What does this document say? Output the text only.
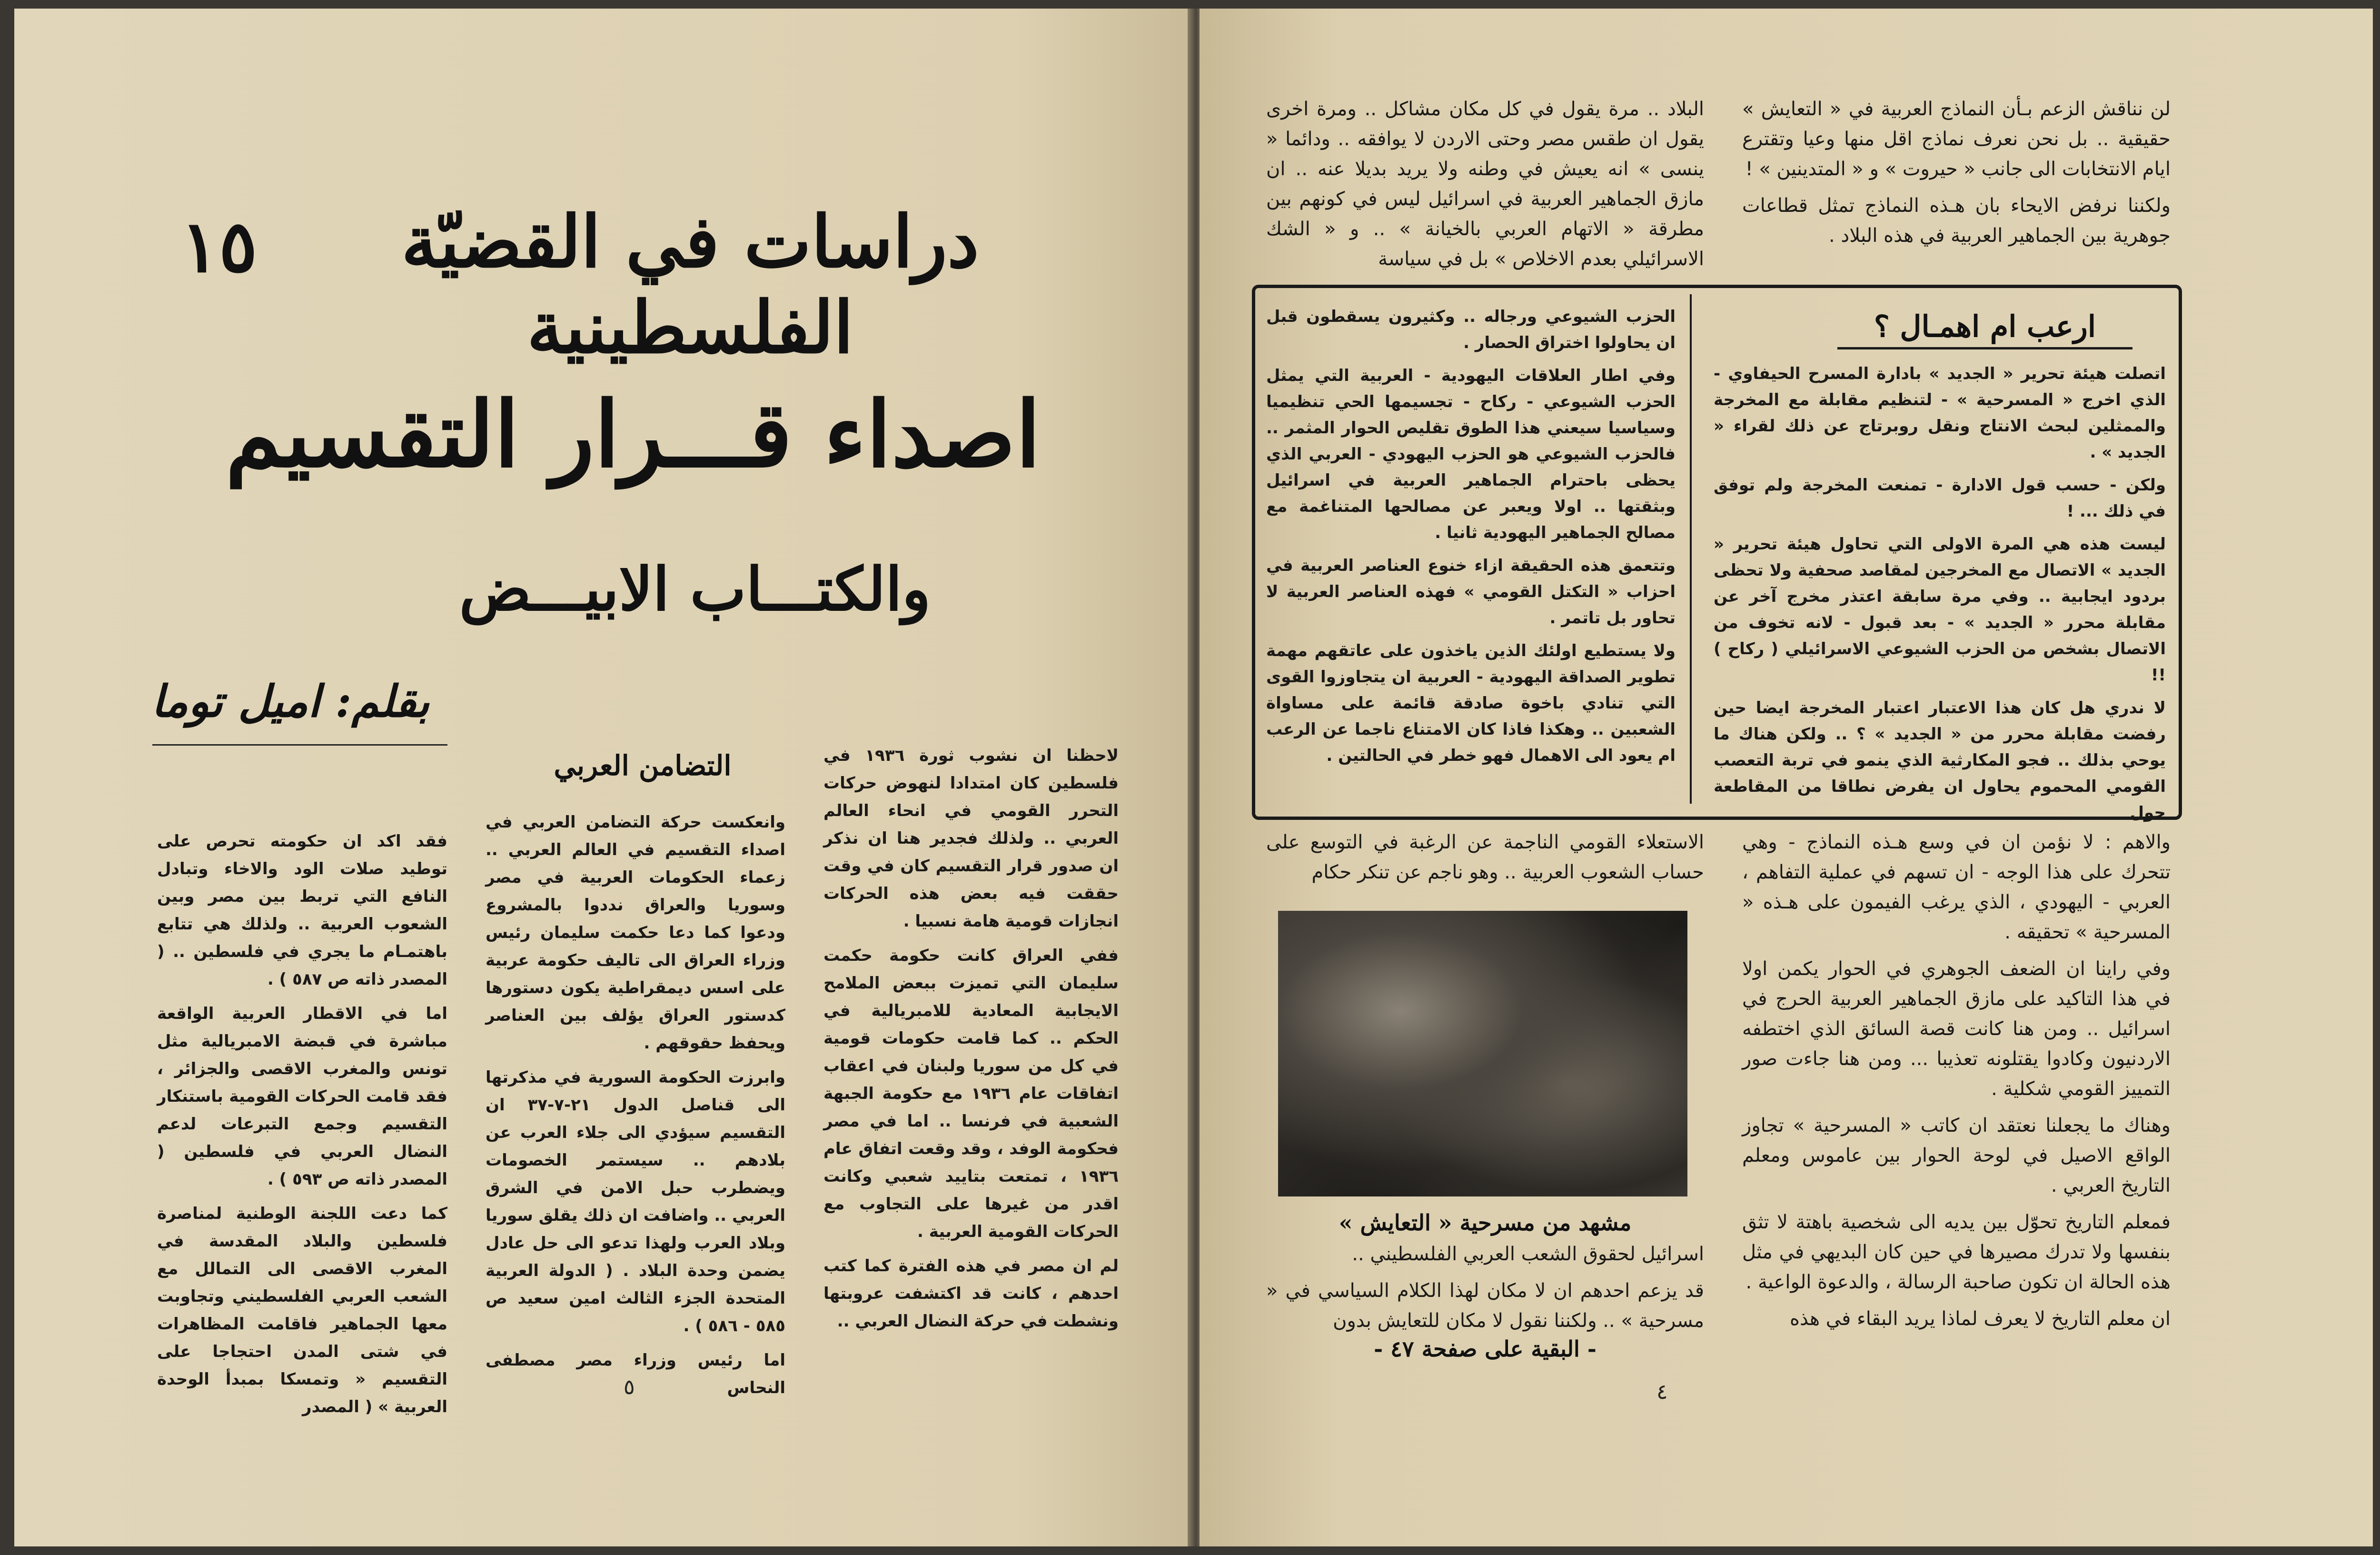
دراسات في القضيّة الفلسطينية
١٥
اصداء قـــرار التقسيم
والكتـــاب الابيـــض
بقلم: اميل توما
التضامن العربي

فقد اكد ان حكومته تحرص على توطيد صلات الود والاخاء وتبادل النافع التي تربط بين مصر وبين الشعوب العربية .. ولذلك هي تتابع باهتمـام ما يجري في فلسطين .. ( المصدر ذاته ص ٥٨٧ ) .

اما في الاقطار العربية الواقعة مباشرة في قبضة الامبريالية مثل تونس والمغرب الاقصى والجزائر ، فقد قامت الحركات القومية باستنكار التقسيم وجمع التبرعات لدعم النضال العربي في فلسطين ( المصدر ذاته ص ٥٩٣ ) .

كما دعت اللجنة الوطنية لمناصرة فلسطين والبلاد المقدسة في المغرب الاقصى الى التمالل مع الشعب العربي الفلسطيني وتجاوبت معها الجماهير فاقامت المظاهرات في شتى المدن احتجاجا على التقسيم « وتمسكا بمبدأ الوحدة العربية » ( المصدر

وانعكست حركة التضامن العربي في اصداء التقسيم في العالم العربي .. زعماء الحكومات العربية في مصر وسوريا والعراق نددوا بالمشروع ودعوا كما دعا حكمت سليمان رئيس وزراء العراق الى تاليف حكومة عربية على اسس ديمقراطية يكون دستورها كدستور العراق يؤلف بين العناصر ويحفظ حقوقهم .

وابرزت الحكومة السورية في مذكرتها الى قناصل الدول ٢١-٧-٣٧ ان التقسيم سيؤدي الى جلاء العرب عن بلادهم .. سيستمر الخصومات ويضطرب حبل الامن في الشرق العربي .. واضافت ان ذلك يقلق سوريا وبلاد العرب ولهذا تدعو الى حل عادل يضمن وحدة البلاد . ( الدولة العربية المتحدة الجزء الثالث امين سعيد ص ٥٨٥ - ٥٨٦ ) .

اما رئيس وزراء مصر مصطفى النحاس

لاحظنا ان نشوب ثورة ١٩٣٦ في فلسطين كان امتدادا لنهوض حركات التحرر القومي في انحاء العالم العربي .. ولذلك فجدير هنا ان نذكر ان صدور قرار التقسيم كان في وقت حققت فيه بعض هذه الحركات انجازات قومية هامة نسبيا .

ففي العراق كانت حكومة حكمت سليمان التي تميزت ببعض الملامح الايجابية المعادية للامبريالية في الحكم .. كما قامت حكومات قومية في كل من سوريا ولبنان في اعقاب اتفاقات عام ١٩٣٦ مع حكومة الجبهة الشعبية في فرنسا .. اما في مصر فحكومة الوفد ، وقد وقعت اتفاق عام ١٩٣٦ ، تمتعت بتاييد شعبي وكانت اقدر من غيرها على التجاوب مع الحركات القومية العربية .

لم ان مصر في هذه الفترة كما كتب احدهم ، كانت قد اكتشفت عروبتها ونشطت في حركة النضال العربي ..

٥

لن نناقش الزعم بـأن النماذج العربية في « التعايش » حقيقية .. بل نحن نعرف نماذج اقل منها وعيا وتقترع ايام الانتخابات الى جانب « حيروت » و « المتدينين » !

ولكننا نرفض الايحاء بان هـذه النماذج تمثل قطاعات جوهرية بين الجماهير العربية في هذه البلاد .

البلاد .. مرة يقول في كل مكان مشاكل .. ومرة اخرى يقول ان طقس مصر وحتى الاردن لا يوافقه .. ودائما « ينسى » انه يعيش في وطنه ولا يريد بديلا عنه .. ان مازق الجماهير العربية في اسرائيل ليس في كونهم بين مطرقة « الاتهام العربي بالخيانة » .. و « الشك الاسرائيلي بعدم الاخلاص » بل في سياسة

ارعب ام اهمـال ؟

اتصلت هيئة تحرير « الجديد » بادارة المسرح الحيفاوي - الذي اخرج « المسرحية » - لتنظيم مقابلة مع المخرجة والممثلين لبحث الانتاج ونقل روبرتاج عن ذلك لقراء « الجديد » .

ولكن - حسب قول الادارة - تمنعت المخرجة ولم توفق في ذلك ... !

ليست هذه هي المرة الاولى التي تحاول هيئة تحرير « الجديد » الاتصال مع المخرجين لمقاصد صحفية ولا تحظى بردود ايجابية .. وفي مرة سابقة اعتذر مخرج آخر عن مقابلة محرر « الجديد » - بعد قبول - لانه تخوف من الاتصال بشخص من الحزب الشيوعي الاسرائيلي ( ركاح ) !!

لا ندري هل كان هذا الاعتبار اعتبار المخرجة ايضا حين رفضت مقابلة محرر من « الجديد » ؟ .. ولكن هناك ما يوحي بذلك .. فجو المكارثية الذي ينمو في تربة التعصب القومي المحموم يحاول ان يفرض نطاقا من المقاطعة حول

الحزب الشيوعي ورجاله .. وكثيرون يسقطون قبل ان يحاولوا اختراق الحصار .

وفي اطار العلاقات اليهودية - العربية التي يمثل الحزب الشيوعي - ركاح - تجسيمها الحي تنظيميا وسياسيا سيعني هذا الطوق تقليص الحوار المثمر .. فالحزب الشيوعي هو الحزب اليهودي - العربي الذي يحظى باحترام الجماهير العربية في اسرائيل وبثقتها .. اولا ويعبر عن مصالحها المتناغمة مع مصالح الجماهير اليهودية ثانيا .

وتتعمق هذه الحقيقة ازاء خنوع العناصر العربية في احزاب « التكتل القومي » فهذه العناصر العربية لا تحاور بل تاتمر .

ولا يستطيع اولئك الذين ياخذون على عاتقهم مهمة تطوير الصداقة اليهودية - العربية ان يتجاوزوا القوى التي تنادي باخوة صادقة قائمة على مساواة الشعبين .. وهكذا فاذا كان الامتناع ناجما عن الرعب ام يعود الى الاهمال فهو خطر في الحالتين .

والاهم : لا نؤمن ان في وسع هـذه النماذج - وهي تتحرك على هذا الوجه - ان تسهم في عملية التفاهم ، العربي - اليهودي ، الذي يرغب الفيمون على هـذه « المسرحية » تحقيقه .

وفي راينا ان الضعف الجوهري في الحوار يكمن اولا في هذا التاكيد على مازق الجماهير العربية الحرج في اسرائيل .. ومن هنا كانت قصة السائق الذي اختطفه الاردنيون وكادوا يقتلونه تعذيبا ... ومن هنا جاءت صور التمييز القومي شكلية .

وهناك ما يجعلنا نعتقد ان كاتب « المسرحية » تجاوز الواقع الاصيل في لوحة الحوار بين عاموس ومعلم التاريخ العربي .

فمعلم التاريخ تحوّل بين يديه الى شخصية باهتة لا تثق بنفسها ولا تدرك مصيرها في حين كان البديهي في مثل هذه الحالة ان تكون صاحبة الرسالة ، والدعوة الواعية .

ان معلم التاريخ لا يعرف لماذا يريد البقاء في هذه

الاستعلاء القومي الناجمة عن الرغبة في التوسع على حساب الشعوب العربية .. وهو ناجم عن تنكر حكام

مشهد من مسرحية « التعايش »

اسرائيل لحقوق الشعب العربي الفلسطيني ..

قد يزعم احدهم ان لا مكان لهذا الكلام السياسي في « مسرحية » .. ولكننا نقول لا مكان للتعايش بدون

- البقية على صفحة ٤٧ -
٤
